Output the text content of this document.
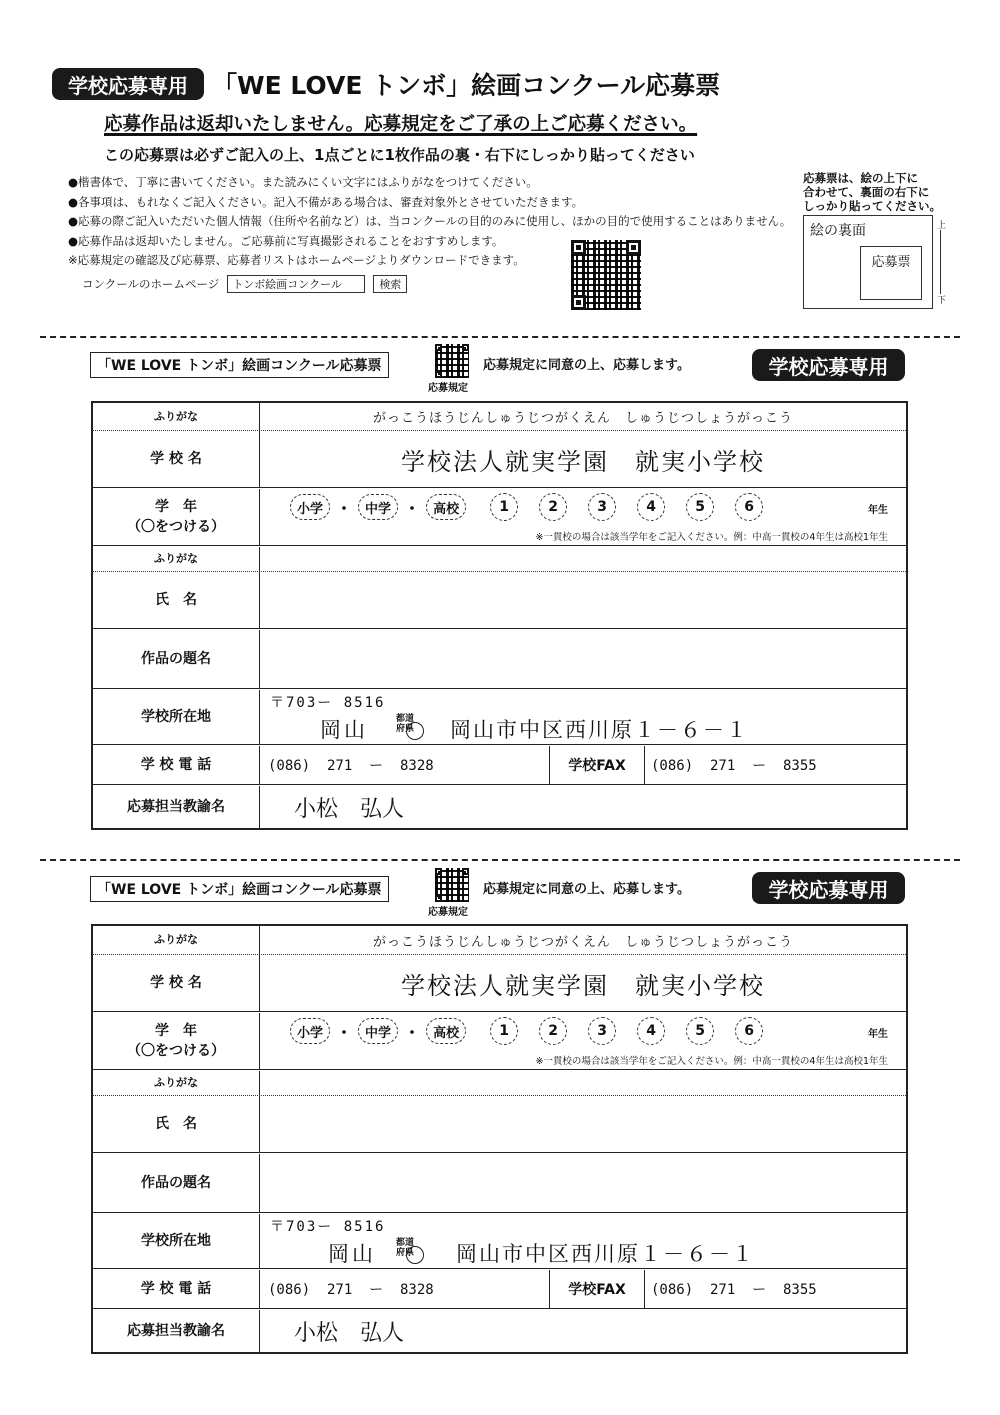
学校応募専用 「WE LOVE トンボ」絵画コンクール応募票
応募作品は返却いたしません。応募規定をご了承の上ご応募ください。
この応募票は必ずご記入の上、1点ごとに1枚作品の裏・右下にしっかり貼ってください
●楷書体で、丁寧に書いてください。また読みにくい文字にはふりがなをつけてください。
●各事項は、もれなくご記入ください。記入不備がある場合は、審査対象外とさせていただきます。
●応募の際ご記入いただいた個人情報（住所や名前など）は、当コンクールの目的のみに使用し、ほかの目的で使用することはありません。
●応募作品は返却いたしません。ご応募前に写真撮影されることをおすすめします。
※応募規定の確認及び応募票、応募者リストはホームページよりダウンロードできます。
コンクールのホームページ	トンボ絵画コンクール	検索
応募票は、絵の上下に
合わせて、裏面の右下に
しっかり貼ってください。
絵の裏面
応募票
上
下
「WE LOVE トンボ」絵画コンクール応募票
応募規定
応募規定に同意の上、応募します。	学校応募専用
ふりがな	がっこうほうじんしゅうじつがくえん　しゅうじつしょうがっこう
学 校 名	学校法人就実学園　就実小学校
学　年
（〇をつける）
小学 ・	中学 ・	高校	1	2	3	4	5	6	年生
※一貫校の場合は該当学年をご記入ください。例：中高一貫校の4年生は高校1年生
ふりがな
氏　名
作品の題名
学校所在地
〒703ー 8516
岡山	都道
府県 岡山市中区西川原１－６－１
学 校 電 話	(086)  271  ー  8328	学校FAX	(086)  271  ー  8355
応募担当教諭名	小松　弘人
「WE LOVE トンボ」絵画コンクール応募票
応募規定
応募規定に同意の上、応募します。	学校応募専用
ふりがな	がっこうほうじんしゅうじつがくえん　しゅうじつしょうがっこう
学 校 名	学校法人就実学園　就実小学校
学　年
（〇をつける）
小学 ・	中学 ・	高校	1	2	3	4	5	6	年生
※一貫校の場合は該当学年をご記入ください。例：中高一貫校の4年生は高校1年生
ふりがな
氏　名
作品の題名
学校所在地
〒703ー 8516
岡山 都道
府県 岡山市中区西川原１－６－１
学 校 電 話	(086)  271  ー  8328	学校FAX	(086)  271  ー  8355
応募担当教諭名	小松　弘人
